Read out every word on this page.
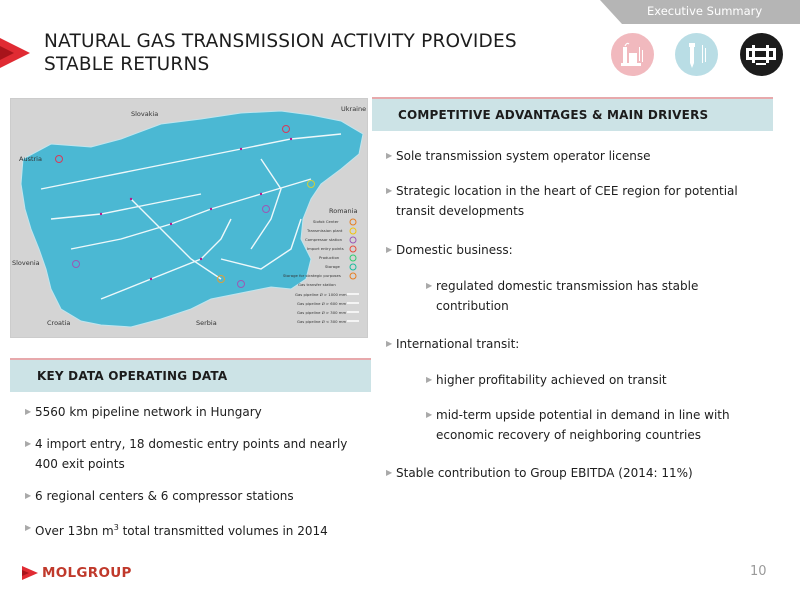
NATURAL GAS TRANSMISSION ACTIVITY PROVIDES
STABLE RETURNS
Executive Summary
Slovakia
Ukraine
Austria
Romania
Slovenia
Croatia	Serbia
Siofok Center
Transmission plant
Compressor station
Import entry points
Production
Storage
Storage for strategic purposes
Gas transfer station
Gas pipeline Ø > 1000 mm
Gas pipeline Ø > 600 mm
Gas pipeline Ø > 300 mm
Gas pipeline Ø < 300 mm
COMPETITIVE ADVANTAGES & MAIN DRIVERS
▶ Sole transmission system operator license
▶ Strategic location in the heart of CEE region for potential transit developments
▶ Domestic business:
▶ regulated domestic transmission has stable contribution
▶ International transit:
▶ higher profitability achieved on transit
▶ mid-term upside potential in demand in line with economic recovery of neighboring countries
▶ Stable contribution to Group EBITDA (2014: 11%)
KEY DATA OPERATING DATA
▶ 5560 km pipeline network in Hungary
▶ 4 import entry, 18 domestic entry points and nearly 400 exit points
▶ 6 regional centers & 6 compressor stations
▶ Over 13bn $m^3$ total transmitted volumes in 2014
MOLGROUP	10
